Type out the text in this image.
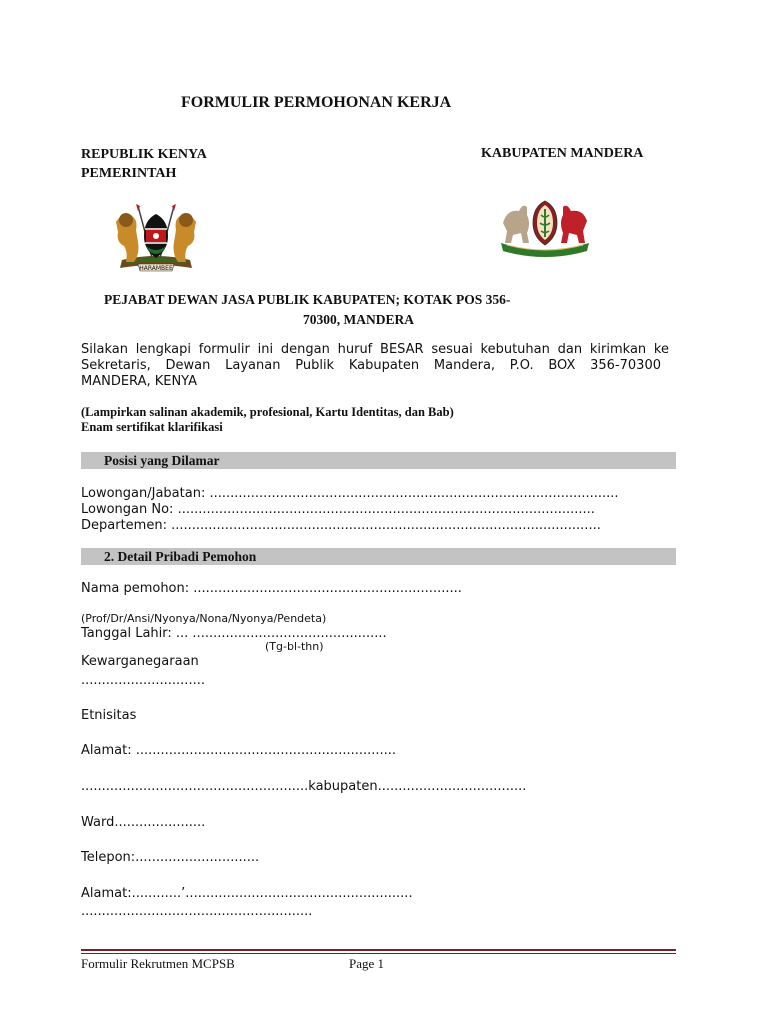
FORMULIR PERMOHONAN KERJA
REPUBLIK KENYA
PEMERINTAH
KABUPATEN MANDERA
HARAMBEE
PEJABAT DEWAN JASA PUBLIK KABUPATEN; KOTAK POS 356-
70300, MANDERA
Silakan lengkapi formulir ini dengan huruf BESAR sesuai kebutuhan dan kirimkan ke
Sekretaris, Dewan Layanan Publik Kabupaten Mandera, P.O. BOX 356-70300
MANDERA, KENYA
(Lampirkan salinan akademik, profesional, Kartu Identitas, dan Bab)
Enam sertifikat klarifikasi
Posisi yang Dilamar
Lowongan/Jabatan: ...................................................................................................
Lowongan No: .....................................................................................................
Departemen: ........................................................................................................
2. Detail Pribadi Pemohon
Nama pemohon: .................................................................
(Prof/Dr/Ansi/Nyonya/Nona/Nyonya/Pendeta)
Tanggal Lahir: ... ...............................................
(Tg-bl-thn)
Kewarganegaraan
..............................
Etnisitas
Alamat: ...............................................................
.......................................................kabupaten....................................
Ward......................
Telepon:..............................
Alamat:............’.......................................................
........................................................
Formulir Rekrutmen MCPSB	Page 1
